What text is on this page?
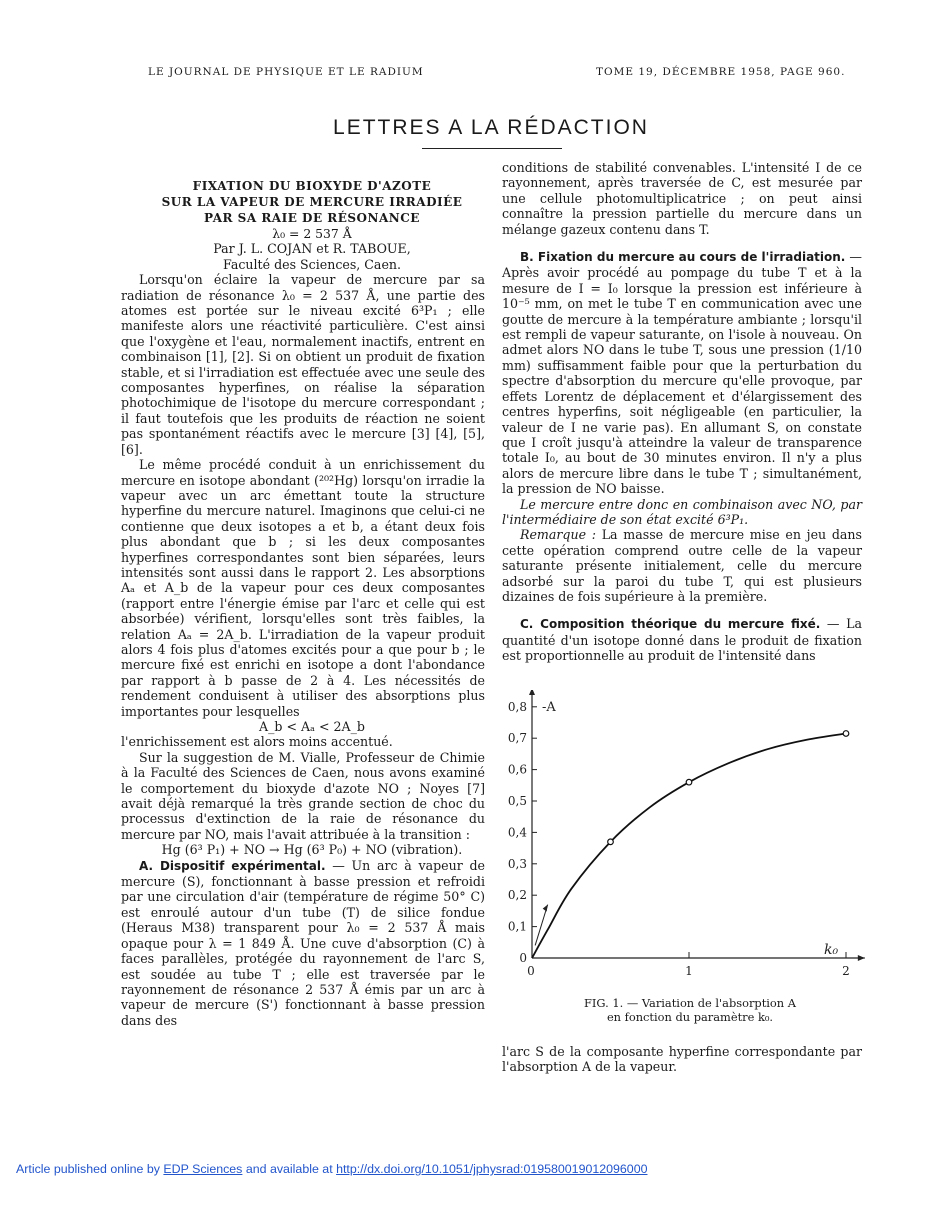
LE JOURNAL DE PHYSIQUE ET LE RADIUM	TOME 19, DÉCEMBRE 1958, PAGE 960.
LETTRES A LA RÉDACTION

FIXATION DU BIOXYDE D'AZOTE

SUR LA VAPEUR DE MERCURE IRRADIÉE

PAR SA RAIE DE RÉSONANCE

λ₀ = 2 537 Å

Par J. L. COJAN et R. TABOUE,

Faculté des Sciences, Caen.

Lorsqu'on éclaire la vapeur de mercure par sa radiation de résonance λ₀ = 2 537 Å, une partie des atomes est portée sur le niveau excité 6³P₁ ; elle manifeste alors une réactivité particulière. C'est ainsi que l'oxygène et l'eau, normalement inactifs, entrent en combinaison [1], [2]. Si on obtient un produit de fixation stable, et si l'irradiation est effectuée avec une seule des composantes hyperfines, on réalise la séparation photochimique de l'isotope du mercure correspondant ; il faut toutefois que les produits de réaction ne soient pas spontanément réactifs avec le mercure [3] [4], [5], [6].

Le même procédé conduit à un enrichissement du mercure en isotope abondant (²⁰²Hg) lorsqu'on irradie la vapeur avec un arc émettant toute la structure hyperfine du mercure naturel. Imaginons que celui-ci ne contienne que deux isotopes a et b, a étant deux fois plus abondant que b ; si les deux composantes hyperfines correspondantes sont bien séparées, leurs intensités sont aussi dans le rapport 2. Les absorptions Aₐ et A_b de la vapeur pour ces deux composantes (rapport entre l'énergie émise par l'arc et celle qui est absorbée) vérifient, lorsqu'elles sont très faibles, la relation Aₐ = 2A_b. L'irradiation de la vapeur produit alors 4 fois plus d'atomes excités pour a que pour b ; le mercure fixé est enrichi en isotope a dont l'abondance par rapport à b passe de 2 à 4. Les nécessités de rendement conduisent à utiliser des absorptions plus importantes pour lesquelles

A_b < Aₐ < 2A_b

l'enrichissement est alors moins accentué.

Sur la suggestion de M. Vialle, Professeur de Chimie à la Faculté des Sciences de Caen, nous avons examiné le comportement du bioxyde d'azote NO ; Noyes [7] avait déjà remarqué la très grande section de choc du processus d'extinction de la raie de résonance du mercure par NO, mais l'avait attribuée à la transition :

Hg (6³ P₁) + NO → Hg (6³ P₀) + NO (vibration).

A. Dispositif expérimental. — Un arc à vapeur de mercure (S), fonctionnant à basse pression et refroidi par une circulation d'air (température de régime 50° C) est enroulé autour d'un tube (T) de silice fondue (Heraus M38) transparent pour λ₀ = 2 537 Å mais opaque pour λ = 1 849 Å. Une cuve d'absorption (C) à faces parallèles, protégée du rayonnement de l'arc S, est soudée au tube T ; elle est traversée par le rayonnement de résonance 2 537 Å émis par un arc à vapeur de mercure (S') fonctionnant à basse pression dans des

conditions de stabilité convenables. L'intensité I de ce rayonnement, après traversée de C, est mesurée par une cellule photomultiplicatrice ; on peut ainsi connaître la pression partielle du mercure dans un mélange gazeux contenu dans T.

B. Fixation du mercure au cours de l'irradiation. — Après avoir procédé au pompage du tube T et à la mesure de I = I₀ lorsque la pression est inférieure à 10⁻⁵ mm, on met le tube T en communication avec une goutte de mercure à la température ambiante ; lorsqu'il est rempli de vapeur saturante, on l'isole à nouveau. On admet alors NO dans le tube T, sous une pression (1/10 mm) suffisamment faible pour que la perturbation du spectre d'absorption du mercure qu'elle provoque, par effets Lorentz de déplacement et d'élargissement des centres hyperfins, soit négligeable (en particulier, la valeur de I ne varie pas). En allumant S, on constate que I croît jusqu'à atteindre la valeur de transparence totale I₀, au bout de 30 minutes environ. Il n'y a plus alors de mercure libre dans le tube T ; simultanément, la pression de NO baisse.

Le mercure entre donc en combinaison avec NO, par l'intermédiaire de son état excité 6³P₁.

Remarque : La masse de mercure mise en jeu dans cette opération comprend outre celle de la vapeur saturante présente initialement, celle du mercure adsorbé sur la paroi du tube T, qui est plusieurs dizaines de fois supérieure à la première.

C. Composition théorique du mercure fixé. — La quantité d'un isotope donné dans le produit de fixation est proportionnelle au produit de l'intensité dans

0
0,1
0,2
0,3
0,4
0,5
0,6
0,7
0,8
0	1	2
-A
k₀
FIG. 1. — Variation de l'absorption A
en fonction du paramètre k₀.
l'arc S de la composante hyperfine correspondante par l'absorption A de la vapeur.
Article published online by EDP Sciences and available at http://dx.doi.org/10.1051/jphysrad:019580019012096000
